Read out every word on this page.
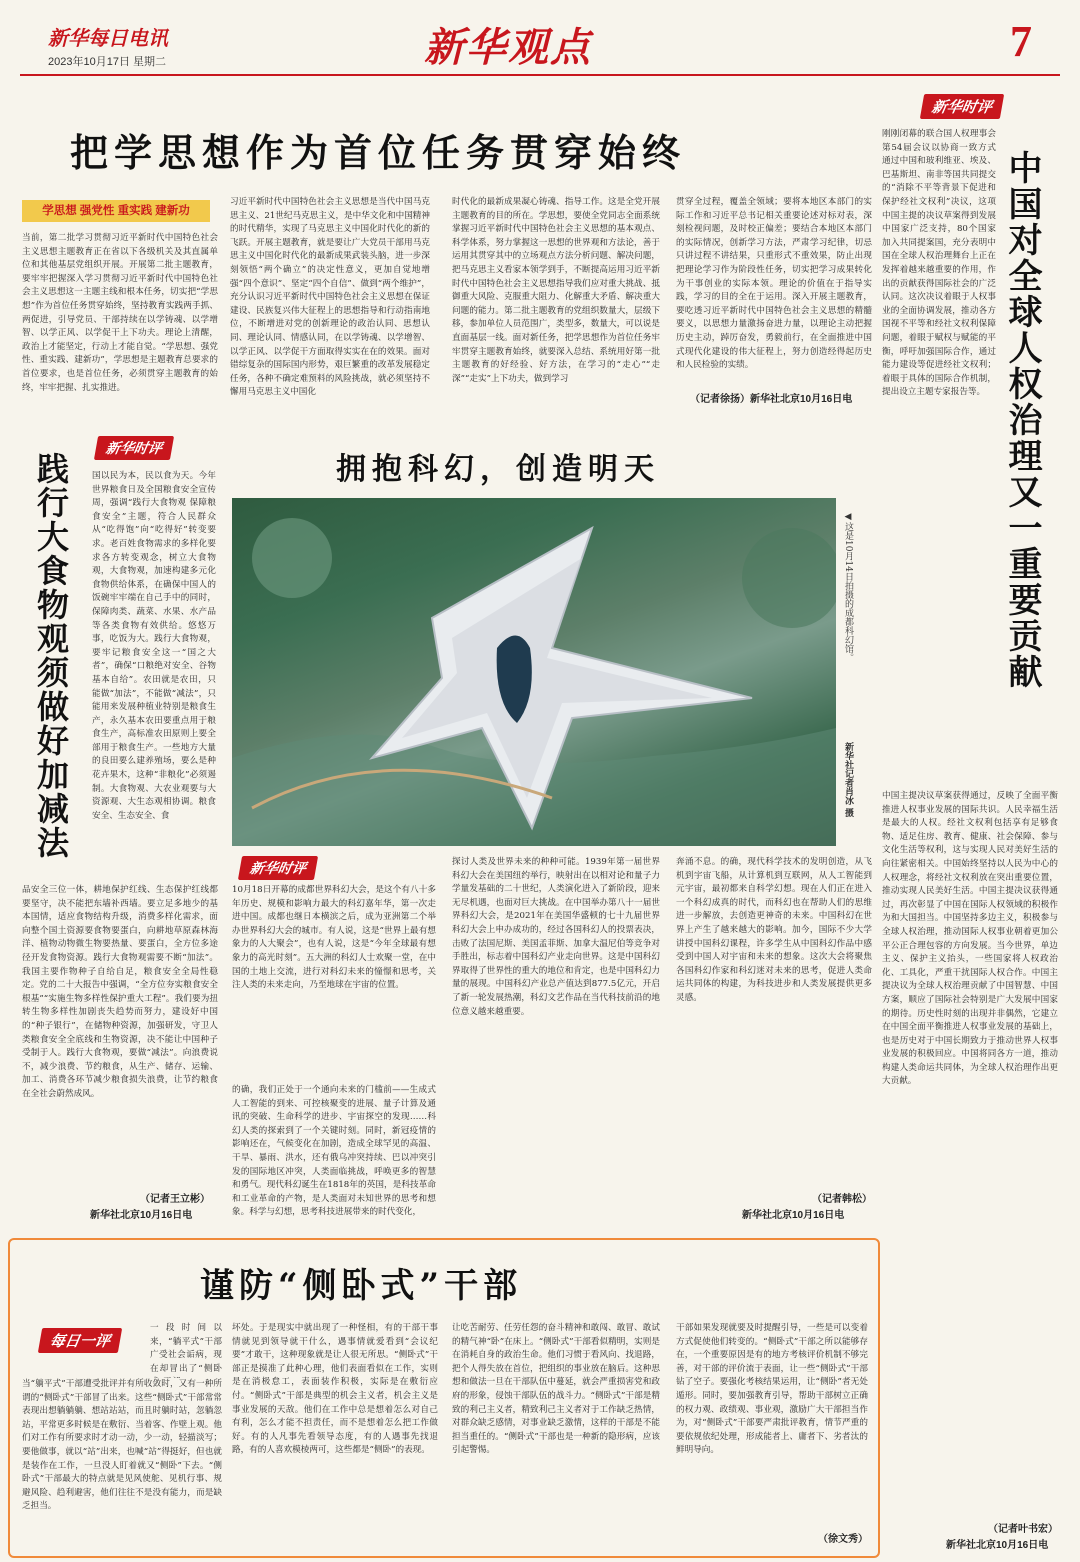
新华每日电讯
2023年10月17日 星期二	新华观点	7
把学思想作为首位任务贯穿始终
学思想 强党性 重实践 建新功
当前，第二批学习贯彻习近平新时代中国特色社会主义思想主题教育正在省以下各级机关及其直属单位和其他基层党组织开展。开展第二批主题教育，要牢牢把握深入学习贯彻习近平新时代中国特色社会主义思想这一主题主线和根本任务，切实把“学思想”作为首位任务贯穿始终，坚持教育实践两手抓、两促进，引导党员、干部持续在以学铸魂、以学增智、以学正风、以学促干上下功夫。理论上清醒，政治上才能坚定，行动上才能自觉。“学思想、强党性、重实践、建新功”，学思想是主题教育总要求的首位要求，也是首位任务，必须贯穿主题教育的始终，牢牢把握、扎实推进。
习近平新时代中国特色社会主义思想是当代中国马克思主义、21世纪马克思主义，是中华文化和中国精神的时代精华，实现了马克思主义中国化时代化的新的飞跃。开展主题教育，就是要让广大党员干部用马克思主义中国化时代化的最新成果武装头脑，进一步深刻领悟“两个确立”的决定性意义，更加自觉地增强“四个意识”、坚定“四个自信”、做到“两个维护”，充分认识习近平新时代中国特色社会主义思想在保证建设、民族复兴伟大征程上的思想指导和行动指南地位，不断增进对党的创新理论的政治认同、思想认同、理论认同、情感认同，在以学铸魂、以学增智、以学正风、以学促干方面取得实实在在的效果。面对错综复杂的国际国内形势，艰巨繁重的改革发展稳定任务，各种不确定难预料的风险挑战，就必须坚持不懈用马克思主义中国化
时代化的最新成果凝心铸魂、指导工作。这是全党开展主题教育的目的所在。学思想，要使全党同志全面系统掌握习近平新时代中国特色社会主义思想的基本观点、科学体系，努力掌握这一思想的世界观和方法论，善于运用其贯穿其中的立场观点方法分析问题、解决问题，把马克思主义看家本领学到手，不断提高运用习近平新时代中国特色社会主义思想指导我们应对重大挑战、抵御重大风险、克服重大阻力、化解重大矛盾、解决重大问题的能力。第二批主题教育的党组织数量大，层级下移，参加单位人员范围广，类型多，数量大，可以说是直面基层一线。面对新任务，把学思想作为首位任务牢牢贯穿主题教育始终，就要深入总结、系统用好第一批主题教育的好经验、好方法，在学习的“走心”“走深”“走实”上下功夫，做到学习
贯穿全过程，覆盖全领域；要将本地区本部门的实际工作和习近平总书记相关重要论述对标对表，深刻检视问题，及时校正偏差；要结合本地区本部门的实际情况，创新学习方法，严肃学习纪律，切忌只讲过程不讲结果，只重形式不重效果，防止出现把理论学习作为阶段性任务，切实把学习成果转化为干事创业的实际本领。理论的价值在于指导实践，学习的目的全在于运用。深入开展主题教育，要吃透习近平新时代中国特色社会主义思想的精髓要义，以思想力量激扬奋进力量，以理论主动把握历史主动，踔厉奋发，勇毅前行，在全面推进中国式现代化建设的伟大征程上，努力创造经得起历史和人民检验的实绩。
（记者徐扬）新华社北京10月16日电
新华时评
践行大食物观须做好加减法	国以民为本，民以食为天。今年世界粮食日及全国粮食安全宣传周，强调“践行大食物观 保障粮食安全”主题，符合人民群众从“吃得饱”向“吃得好”转变要求。老百姓食物需求的多样化要求各方转变观念，树立大食物观，大食物观，加速构建多元化食物供给体系，在确保中国人的饭碗牢牢端在自己手中的同时，保障肉类、蔬菜、水果、水产品等各类食物有效供给。悠悠万事，吃饭为大。践行大食物观，要牢记粮食安全这一“国之大者”，确保“口粮绝对安全、谷物基本自给”。农田就是农田，只能做“加法”，不能做“减法”，只能用来发展种植业特别是粮食生产，永久基本农田要重点用于粮食生产，高标准农田原则上要全部用于粮食生产。一些地方大量的良田要么建养殖场，要么是种花卉果木，这种“非粮化”必须遏制。大食物观、大农业观要与大资源观、大生态观相协调。粮食安全、生态安全、食
品安全三位一体，耕地保护红线、生态保护红线都要坚守，决不能把东墙补西墙。要立足多地少的基本国情，适应食物结构升级，消费多样化需求，面向整个国土资源要食物要蛋白，向耕地草原森林海洋、植物动物微生物要热量、要蛋白，全方位多途径开发食物资源。践行大食物观需要不断“加法”。我国主要作物种子自给自足，粮食安全全局性稳定。党的二十大报告中强调，“全方位夯实粮食安全根基”“实施生物多样性保护重大工程”。我们要为扭转生物多样性加剧丧失趋势而努力，建设好中国的“种子银行”，在储物种资源，加强研发，守卫人类粮食安全全底线和生物资源，决不能让中国种子受制于人。践行大食物观，要做“减法”。向浪费说不，减少浪费、节约粮食，从生产、储存、运输、加工、消费各环节减少粮食损失浪费，让节约粮食在全社会蔚然成风。
（记者王立彬）
新华社北京10月16日电
拥抱科幻，创造明天
◀这是10月14日拍摄的成都科幻馆。
新华社记者肖冰 摄
新华时评
10月18日开幕的成都世界科幻大会，是这个有八十多年历史、规模和影响力最大的科幻嘉年华，第一次走进中国。成都也继日本横滨之后，成为亚洲第二个举办世界科幻大会的城市。有人说，这是“世界上最有想象力的人大聚会”，也有人说，这是“今年全球最有想象力的高光时刻”。五大洲的科幻人士欢聚一堂，在中国的土地上交流，进行对科幻未来的憧憬和思考，关注人类的未来走向，乃至地球在宇宙的位置。
的确，我们正处于一个通向未来的门槛前——生成式人工智能的到来、可控核聚变的进展、量子计算及通讯的突破、生命科学的进步、宇宙探空的发现……科幻人类的探索到了一个关键时刻。同时，新冠疫情的影响还在，气候变化在加剧，造成全球罕见的高温、干旱、暴雨、洪水，还有俄乌冲突持续、巴以冲突引发的国际地区冲突，人类面临挑战，呼唤更多的智慧和勇气。现代科幻诞生在1818年的英国，是科技革命和工业革命的产物，是人类面对未知世界的思考和想象。科学与幻想，思考科技进展带来的时代变化，
探讨人类及世界未来的种种可能。1939年第一届世界科幻大会在美国纽约举行，映射出在以相对论和量子力学量发基础的二十世纪，人类演化进入了新阶段，迎来无尽机遇，也面对巨大挑战。在中国举办第八十一届世界科幻大会，是2021年在美国华盛顿的七十九届世界科幻大会上申办成功的，经过各国科幻人的投票表决，击败了法国尼斯、美国孟菲斯、加拿大温尼伯等竞争对手胜出，标志着中国科幻产业走向世界。这是中国科幻界取得了世界性的重大的地位和肯定，也是中国科幻力量的展现。中国科幻产业总产值达到877.5亿元，开启了新一轮发展热潮，科幻文艺作品在当代科技前沿的地位意义越来越重要。
奔涌不息。的确，现代科学技术的发明创造，从飞机到宇宙飞船，从计算机到互联网，从人工智能到元宇宙，最初都来自科学幻想。现在人们正在进入一个科幻成真的时代，而科幻也在帮助人们的思维进一步解放，去创造更神奇的未来。中国科幻在世界上产生了越来越大的影响。加今，国际不少大学讲授中国科幻课程，许多学生从中国科幻作品中感受到中国人对宇宙和未来的想象。这次大会将聚焦各国科幻作家和科幻迷对未来的思考，促进人类命运共同体的构建，为科技进步和人类发展提供更多灵感。
（记者韩松）
新华社北京10月16日电
新华时评
中国对全球人权治理又一重要贡献
刚刚闭幕的联合国人权理事会第54届会议以协商一致方式通过中国和玻利维亚、埃及、巴基斯坦、南非等国共同提交的“消除不平等背景下促进和保护经社文权利”决议，这项中国主提的决议草案得到发展中国家广泛支持，80个国家加入共同提案国，充分表明中国在全球人权治理舞台上正在发挥着越来越重要的作用，作出的贡献获得国际社会的广泛认同。这次决议着眼于人权事业的全面协调发展，推动各方国视不平等和经社文权利保障问题，着眼于赋权与赋能的平衡，呼吁加强国际合作，通过能力建设等促进经社文权利；着眼于具体的国际合作机制，提出设立主题专家报告等。
中国主提决议草案获得通过，反映了全面平衡推进人权事业发展的国际共识。人民幸福生活是最大的人权。经社文权利包括享有足够食物、适足住房、教育、健康、社会保障、参与文化生活等权利，这与实现人民对美好生活的向往紧密相关。中国始终坚持以人民为中心的人权理念，将经社文权利放在突出重要位置，推动实现人民美好生活。中国主提决议获得通过，再次彰显了中国在国际人权领域的积极作为和大国担当。中国坚持多边主义，积极参与全球人权治理，推动国际人权事业朝着更加公平公正合理包容的方向发展。当今世界，单边主义、保护主义抬头，一些国家将人权政治化、工具化，严重干扰国际人权合作。中国主提决议为全球人权治理贡献了中国智慧、中国方案，顺应了国际社会特别是广大发展中国家的期待。历史性时刻的出现并非偶然，它建立在中国全面平衡推进人权事业发展的基础上，也是历史对于中国长期致力于推动世界人权事业发展的积极回应。中国将同各方一道，推动构建人类命运共同体，为全球人权治理作出更大贡献。
（记者叶书宏）
新华社北京10月16日电
谨防“侧卧式”干部
每日一评
一段时间以来，“躺平式”干部广受社会诟病，现在却冒出了“侧卧
当“躺平式”干部遭受批评并有所收敛时，又有一种所谓的“侧卧式”干部冒了出来。这些“侧卧式”干部常常表现出想躺躺躺、想站站站，而且时躺时站，忽躺忽站，平常更多时候是在敷衍、当着客、作壁上观。他们对工作有所要求时才动一动，少一动，轻描淡写；要他做事，就以“站”出来，也喊“站”得挺好，但也就是装作在工作，一旦没人盯着就又“侧卧”下去。“侧卧式”干部最大的特点就是见风使舵、见机行事、规避风险、趋利避害，他们往往不是没有能力，而是缺乏担当。
坏处。于是现实中就出现了一种怪相，有的干部干事情就见到领导就干什么，遇事情就爱看到“会议纪要”才敢干，这种现象就是让人很无所思。“侧卧式”干部正是摸准了此种心理，他们表面看似在工作，实则是在消极怠工，表面装作积极，实际是在敷衍应付。“侧卧式”干部是典型的机会主义者，机会主义是事业发展的天敌。他们在工作中总是想着怎么对自己有利，怎么才能不担责任，而不是想着怎么把工作做好。有的人凡事先看领导态度，有的人遇事先找退路，有的人喜欢模棱两可，这些都是“侧卧”的表现。
让吃苦耐劳、任劳任怨的奋斗精神和敢闯、敢冒、敢试的精气神“卧”在床上。“侧卧式”干部看似精明，实则是在消耗自身的政治生命。他们习惯于看风向、找退路，把个人得失放在首位，把组织的事业放在脑后。这种思想和做法一旦在干部队伍中蔓延，就会严重损害党和政府的形象，侵蚀干部队伍的战斗力。“侧卧式”干部是精致的利己主义者，精致利己主义者对于工作缺乏热情，对群众缺乏感情，对事业缺乏激情，这样的干部是不能担当重任的。“侧卧式”干部也是一种新的隐形病，应该引起警惕。
干部如果发现就要及时提醒引导，一些是可以变着方式促使他们转变的。“侧卧式”干部之所以能够存在，一个重要原因是有的地方考核评价机制不够完善，对干部的评价流于表面，让一些“侧卧式”干部钻了空子。要强化考核结果运用，让“侧卧”者无处遁形。同时，要加强教育引导，帮助干部树立正确的权力观、政绩观、事业观，激励广大干部担当作为，对“侧卧式”干部要严肃批评教育，情节严重的要依规依纪处理，形成能者上、庸者下、劣者汰的鲜明导向。
（徐文秀）
